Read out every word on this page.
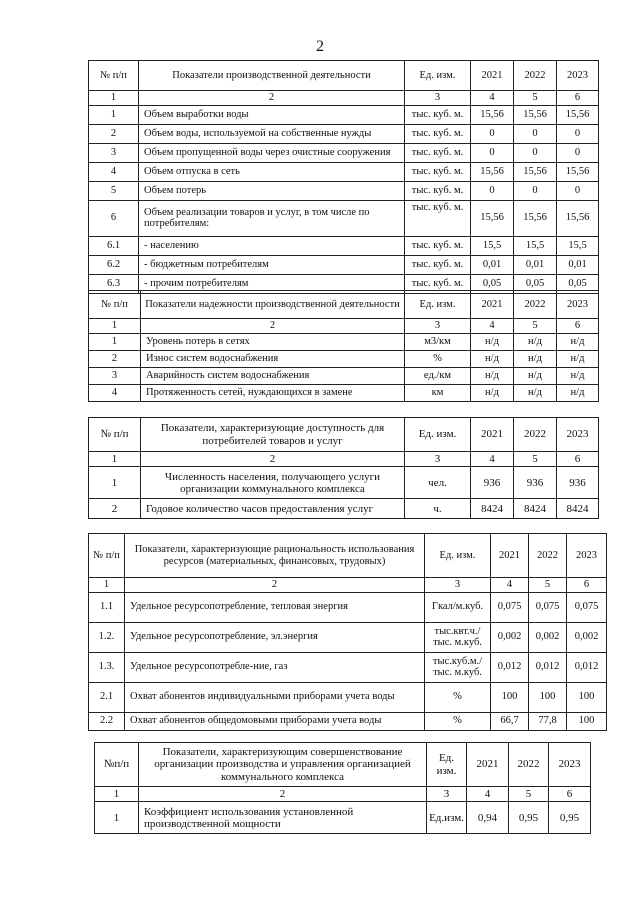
2
№ п/п	Показатели производственной деятельности	Ед. изм.	2021	2022	2023
1	2	3	4	5	6
1	Объем выработки воды	тыс. куб. м.	15,56	15,56	15,56
2	Объем воды, используемой на собственные нужды	тыс. куб. м.	0	0	0
3	Объем пропущенной воды через очистные сооружения	тыс. куб. м.	0	0	0
4	Объем отпуска в сеть	тыс. куб. м.	15,56	15,56	15,56
5	Объем потерь	тыс. куб. м.	0	0	0
6	Объем реализации товаров и услуг, в том числе по потребителям:	тыс. куб. м.	15,56	15,56	15,56
6.1	- населению	тыс. куб. м.	15,5	15,5	15,5
6.2	- бюджетным потребителям	тыс. куб. м.	0,01	0,01	0,01
6.3	- прочим потребителям	тыс. куб. м.	0,05	0,05	0,05
№ п/п	Показатели надежности производственной деятельности	Ед. изм.	2021	2022	2023
1	2	3	4	5	6
1	Уровень потерь в сетях	м3/км	н/д	н/д	н/д
2	Износ систем водоснабжения	%	н/д	н/д	н/д
3	Аварийность систем водоснабжения	ед./км	н/д	н/д	н/д
4	Протяженность сетей, нуждающихся в замене	км	н/д	н/д	н/д
№ п/п	Показатели, характеризующие доступность для потребителей товаров и услуг	Ед. изм.	2021	2022	2023
1	2	3	4	5	6
1	Численность населения, получающего услуги организации коммунального комплекса	чел.	936	936	936
2	Годовое количество часов предоставления услуг	ч.	8424	8424	8424
№ п/п	Показатели, характеризующие рациональность использования ресурсов (материальных, финансовых, трудовых)	Ед. изм.	2021	2022	2023
1	2	3	4	5	6
1.1	Удельное ресурсопотребление, тепловая энергия	Гкал/м.куб.	0,075	0,075	0,075
1.2.	Удельное ресурсопотребление, эл.энергия	тыс.квт.ч./тыс. м.куб.	0,002	0,002	0,002
1.3.	Удельное ресурсопотребле-ние, газ	тыс.куб.м./тыс. м.куб.	0,012	0,012	0,012
2.1	Охват абонентов индивидуальными приборами учета воды	%	100	100	100
2.2	Охват абонентов общедомовыми приборами учета воды	%	66,7	77,8	100
№п/п	Показатели, характеризующим совершенствование организации производства и управления организацией коммунального комплекса	Ед. изм.	2021	2022	2023
1	2	3	4	5	6
1	Коэффициент использования установленной производственной мощности	Ед.изм.	0,94	0,95	0,95
